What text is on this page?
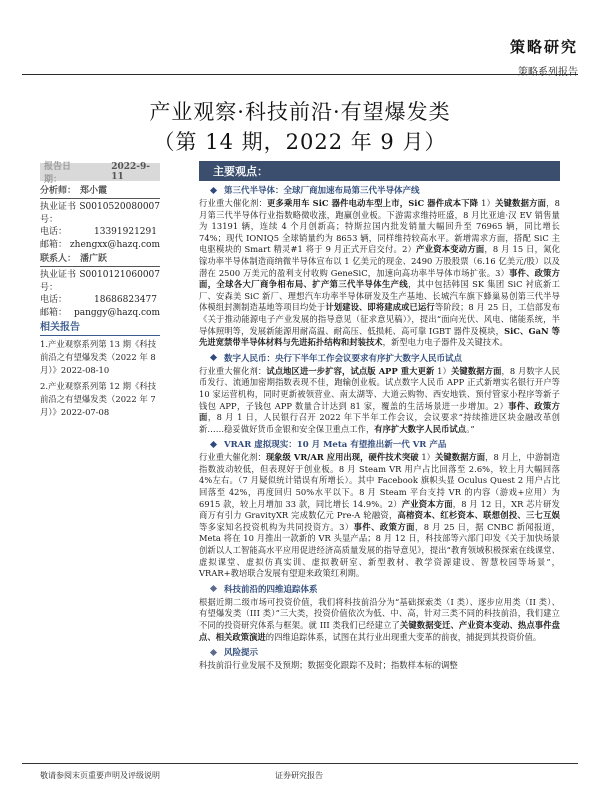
策略研究
策略系列报告
产业观察·科技前沿·有望爆发类
（第 14 期，2022 年 9 月）
报告日期：
2022-9-11
分析师： 郑小霞
执业证书号：
S0010520080007
电话：	13391921291
邮箱： zhengxx@hazq.com
联系人： 潘广跃
执业证书号：
S0010121060007
电话：	18686823477
邮箱： panggy@hazq.com
相关报告
1.产业观察系列第 13 期《科技前沿之有望爆发类（2022 年 8 月）》2022-08-10
2.产业观察系列第 12 期《科技前沿之有望爆发类（2022 年 7 月）》2022-07-08
主要观点：
第三代半导体：全球厂商加速布局第三代半导体产线
行业重大催化剂：更多乘用车 SiC 器件电动车型上市，SiC 器件成本下降 1）关键数据方面，8 月第三代半导体行业指数略微收涨，跑赢创业板。下游需求维持旺盛，8 月比亚迪·汉 EV 销售量为 13191 辆，连续 4 个月创新高；特斯拉国内批发销量大幅回升至 76965 辆，同比增长 74%；现代 IONIQ5 全球销量约为 8653 辆，同样维持较高水平。新增需求方面，搭配 SiC 主电驱模块的 Smart 精灵#1 将于 9 月正式开启交付。2）产业资本变动方面，8 月 15 日，氮化镓功率半导体制造商纳微半导体宣布以 1 亿美元的现金、2490 万股股票（6.16 亿美元/股）以及潜在 2500 万美元的盈利支付收购 GeneSiC，加速向高功率半导体市场扩张。3）事件、政策方面，全球各大厂商争相布局、扩产第三代半导体生产线，其中包括韩国 SK 集团 SiC 衬底新工厂、安森美 SiC 新厂、理想汽车功率半导体研发及生产基地、长城汽车旗下蜂巢易创第三代半导体模组封测制造基地等项目均处于计划建设、即将建成或已运行等阶段；8 月 25 日，工信部发布《关于推动能源电子产业发展的指导意见（征求意见稿）》，提出“面向光伏、风电、储能系统，半导体照明等，发展新能源用耐高温、耐高压、低损耗、高可靠 IGBT 器件及模块，SiC、GaN 等先进宽禁带半导体材料与先进拓扑结构和封装技术，新型电力电子器件及关键技术。
数字人民币：央行下半年工作会议要求有序扩大数字人民币试点
行业重大催化剂：试点地区进一步扩容，试点版 APP 重大更新 1）关键数据方面，8 月数字人民币发行、流通加密期指数表现不佳，跑输创业板。试点数字人民币 APP 正式新增实名银行开户等 10 家运营机构，同时更新被领营业、南太湖等、大道云购物、西安地铁、预付管家小程序等新子钱包 APP，子钱包 APP 数量合计达到 81 家，覆盖的生活场景进一步增加。2）事件、政策方面，8 月 1 日，人民银行召开 2022 年下半年工作会议，会议要求“持续推进区块金融改革创新……稳妥做好货币金银和安全保卫重点工作，有序扩大数字人民币试点。”
VRAR 虚拟现实：10 月 Meta 有望推出新一代 VR 产品
行业重大催化剂：现象级 VR/AR 应用出现，硬件技术突破 1）关键数据方面，8 月上，中游制造指数波动较低，但表现好于创业板。8 月 Steam VR 用户占比回落至 2.6%，较上月大幅回落 4%左右。（7 月疑似统计错误有所增长）。其中 Facebook 旗帜头显 Oculus Quest 2 用户占比回落至 42%，再度回归 50%水平以下。8 月 Steam 平台支持 VR 的内容（游戏+应用）为 6915 款，较上月增加 33 款，同比增长 14.9%。2）产业资本方面，8 月 12 日，XR 芯片研发商万有引力 GravityXR 完成数亿元 Pre-A 轮融资，高榕资本、红杉资本、联想创投、三七互娱等多家知名投资机构为共同投资方。3）事件、政策方面，8 月 25 日，据 CNBC 新闻报道，Meta 将在 10 月推出一款新的 VR 头显产品；8 月 12 日，科技部等六部门印发《关于加快场景创新以人工智能高水平应用促进经济高质量发展的指导意见》，提出“教育领域积极探索在线课堂、虚拟课堂、虚拟仿真实训、虚拟教研室、新型教材、教学资源建设、智慧校园等场景”，VRAR+教培联合发展有望迎来政策红利期。
科技前沿的四维追踪体系
根据近期二级市场可投资价值，我们将科技前沿分为“基础探索类（I 类）、逐步应用类（II 类）、有望爆发类（III 类）”三大类，投资价值依次为低、中、高，针对三类不同的科技前沿，我们建立不同的投资研究体系与框架。就 III 类我们已经建立了关键数据变迁、产业资本变动、热点事件盘点、相关政策演进的四维追踪体系，试图在其行业出现重大变革的前夜，捕捉到其投资价值。
风险提示
科技前沿行业发展不及预期；数据变化跟踪不及时；指数样本标的调整
敬请参阅末页重要声明及评级说明	证券研究报告
